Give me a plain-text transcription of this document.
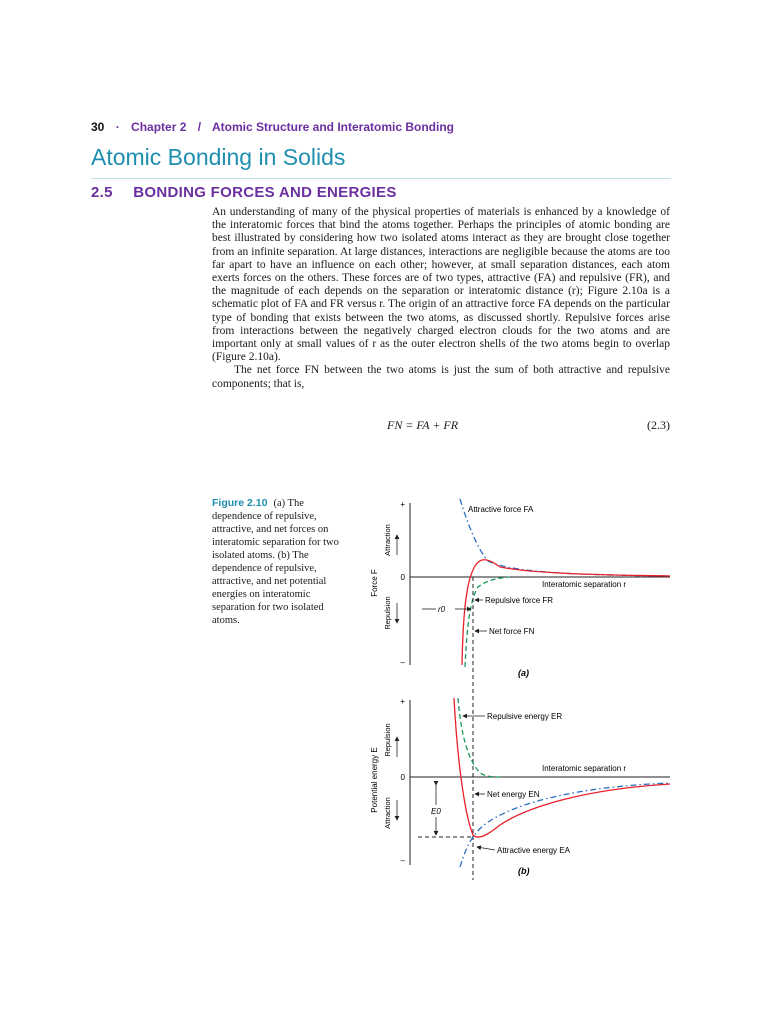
30 · Chapter 2 / Atomic Structure and Interatomic Bonding
Atomic Bonding in Solids
2.5 BONDING FORCES AND ENERGIES

An understanding of many of the physical properties of materials is enhanced by a knowledge of the interatomic forces that bind the atoms together. Perhaps the principles of atomic bonding are best illustrated by considering how two isolated atoms interact as they are brought close together from an infinite separation. At large distances, interactions are negligible because the atoms are too far apart to have an influence on each other; however, at small separation distances, each atom exerts forces on the others. These forces are of two types, attractive (FA) and repulsive (FR), and the magnitude of each depends on the separation or interatomic distance (r); Figure 2.10a is a schematic plot of FA and FR versus r. The origin of an attractive force FA depends on the particular type of bonding that exists between the two atoms, as discussed shortly. Repulsive forces arise from interactions between the negatively charged electron clouds for the two atoms and are important only at small values of r as the outer electron shells of the two atoms begin to overlap (Figure 2.10a).

The net force FN between the two atoms is just the sum of both attractive and repulsive components; that is,

FN = FA + FR	(2.3)
Figure 2.10 (a) The dependence of repulsive, attractive, and net forces on interatomic separation for two isolated atoms. (b) The dependence of repulsive, attractive, and net potential energies on interatomic separation for two isolated atoms.
+
0
–
Force F
Attraction
Repulsion	r0
Attractive force FA
Interatomic separation r
Repulsive force FR
Net force FN
(a)
+
0
–
Potential energy E
Repulsion
Attraction	E0
Repulsive energy ER
Interatomic separation r
Net energy EN
Attractive energy EA
(b)
